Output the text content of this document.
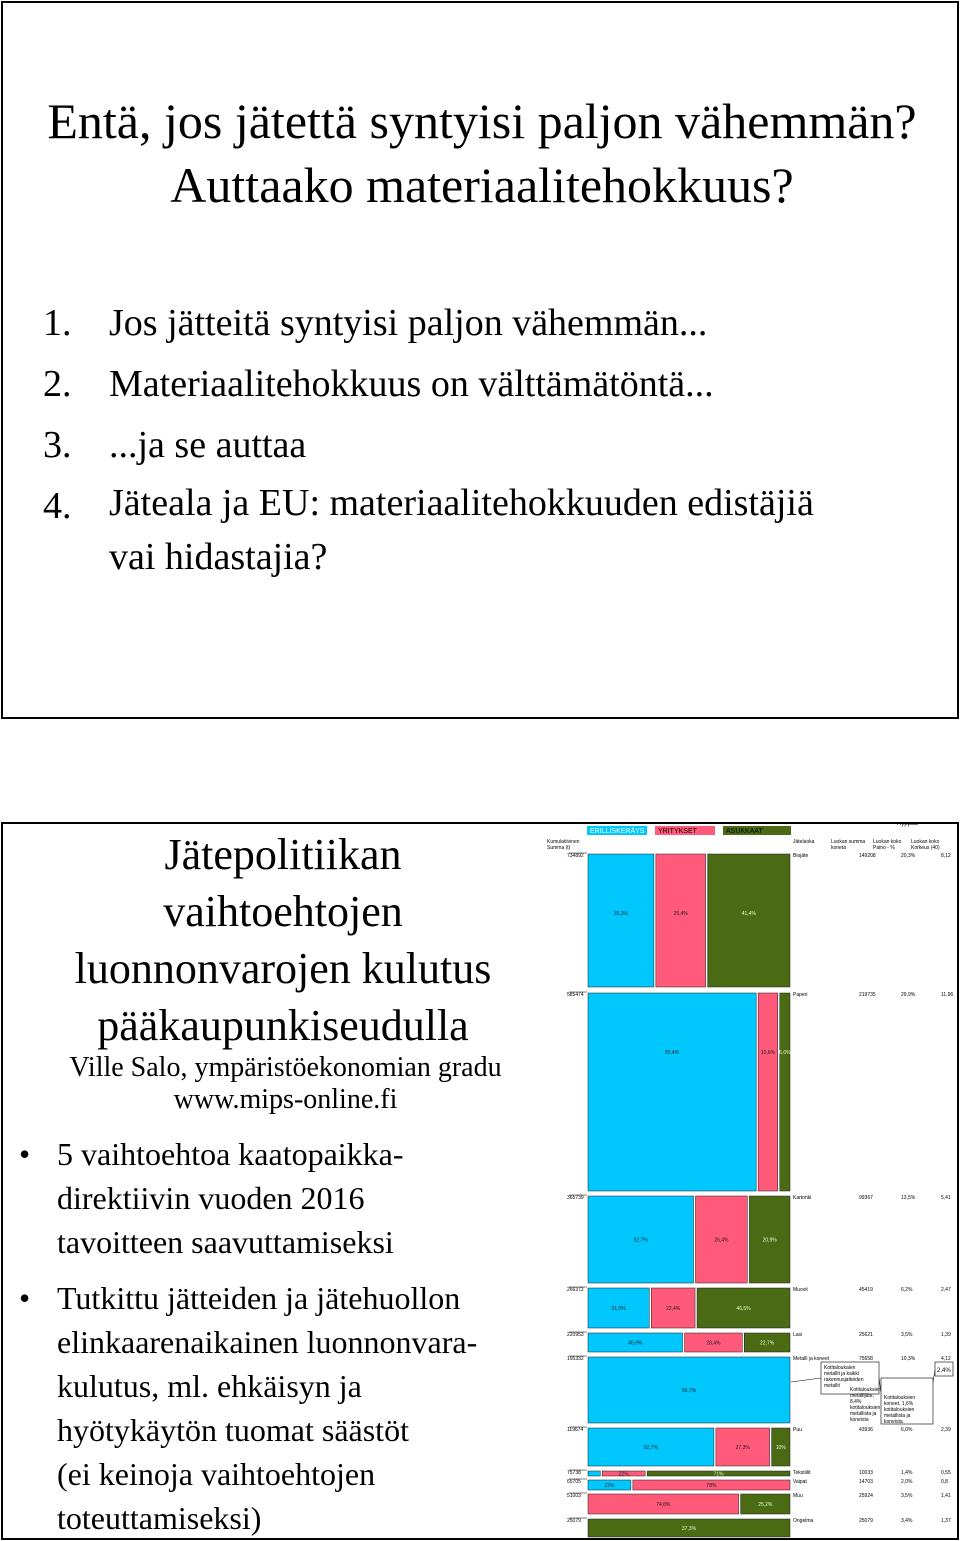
Entä, jos jätettä syntyisi paljon vähemmän?
Auttaako materiaalitehokkuus?
1. Jos jätteitä syntyisi paljon vähemmän...
2. Materiaalitehokkuus on välttämätöntä...
3. ...ja se auttaa
4. Jäteala ja EU: materiaalitehokkuuden edistäjiä
vai hidastajia?
Jätepolitiikan
vaihtoehtojen
luonnonvarojen kulutus
pääkaupunkiseudulla
Ville Salo, ympäristöekonomian gradu
www.mips-online.fi
• 5 vaihtoehtoa kaatopaikka-
direktiivin vuoden 2016
tavoitteen saavuttamiseksi
• Tutkittu jätteiden ja jätehuollon
elinkaarenaikainen luonnonvara-
kulutus, ml. ehkäisyn ja
hyötykäytön tuomat säästöt
(ei keinoja vaihtoehtojen
toteuttamiseksi)
ERILLISKERÄYS YRITYKSET	ASUKKAAT
Hyppää
Kumulatiivinen
Summa (t)
Jätelaoka	Luokan summa Luokan koko Luokan koko
koneta	Paino - %	Korkeus (40)
734892	Biojäte	149208	20,3%	8,12
33,3%	25,4%	41,4%
585474	Paperi	219735	29,9%	11,96
83,4%	10,6% 6,0%
365739	Kartonki	99367	13,5%	5,41
52,7%	26,4%	20,9%
266372	Muovit	45419	6,2%	2,47
31,0%	22,4%	46,5%
220953	Lasi	25621	3,5%	1,39
45,9%	28,4%	22,7%
195332	Metalli ja koneet	75658	10,3%	4,12
56,7%
119674	Puu	43936	6,0%	2,39
62,7%	27,3%	10%
75738	Tekstiilit	10033	1,4%	0,55
22%	71%
65705	Vaipat	14703	2,0%	0,8
22%	78%
51003	Muu	25924	3,5%	1,41
74,8%	25,2%
25079	Ongelma	25079	3,4%	1,37
37,3%
Kotitaloukaien
metallit ja kaikki
rakennusjatteiden
metallit
Kotitalouksien
metallijäte,
8,4%
kotitalouksien
metallista ja
koneista
Kotitalouksien
koneet, 1,6%
kotitalouksien
metallista ja
koneista
2,4%
